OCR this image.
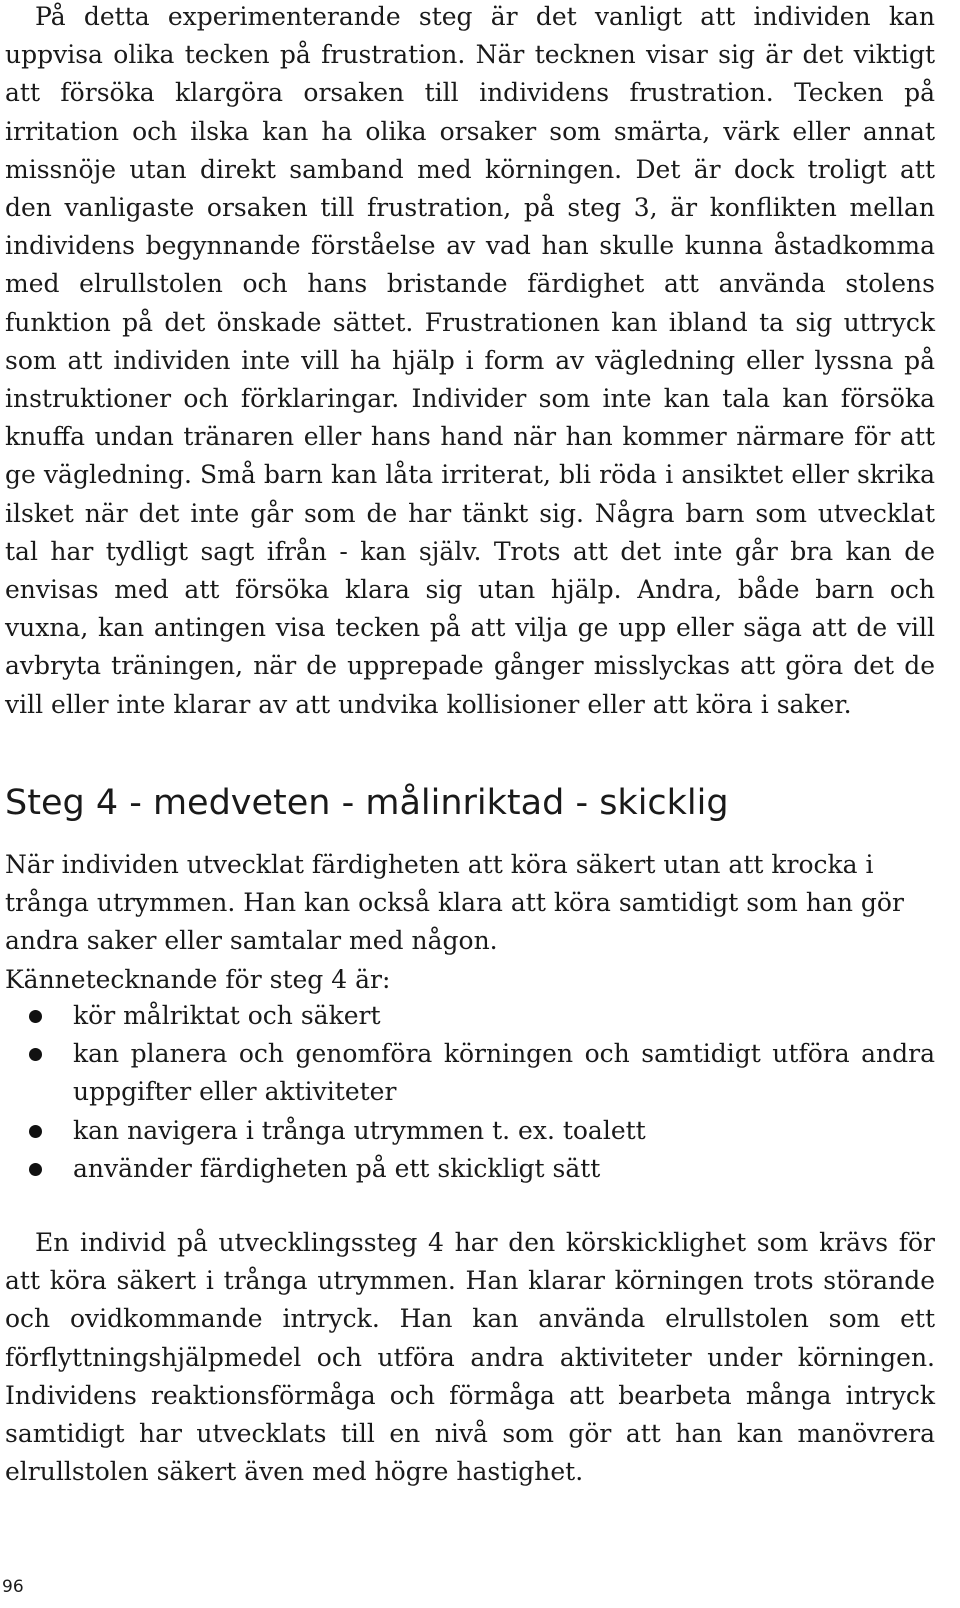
På detta experimenterande steg är det vanligt att individen kan uppvisa olika tecken på frustration. När tecknen visar sig är det viktigt att försöka klargöra orsaken till individens frustration. Tecken på irritation och ilska kan ha olika orsaker som smärta, värk eller annat missnöje utan direkt samband med körningen. Det är dock troligt att den vanligaste orsaken till frustration, på steg 3, är konflikten mellan individens begynnande förståelse av vad han skulle kunna åstadkomma med elrullstolen och hans bristande färdighet att använda stolens funktion på det önskade sättet. Frustrationen kan ibland ta sig uttryck som att individen inte vill ha hjälp i form av vägledning eller lyssna på instruktioner och förklaringar. Individer som inte kan tala kan försöka knuffa undan tränaren eller hans hand när han kommer närmare för att ge vägledning. Små barn kan låta irriterat, bli röda i ansiktet eller skrika ilsket när det inte går som de har tänkt sig. Några barn som utvecklat tal har tydligt sagt ifrån - kan själv. Trots att det inte går bra kan de envisas med att försöka klara sig utan hjälp. Andra, både barn och vuxna, kan antingen visa tecken på att vilja ge upp eller säga att de vill avbryta träningen, när de upprepade gånger misslyckas att göra det de vill eller inte klarar av att undvika kollisioner eller att köra i saker.

Steg 4 - medveten - målinriktad - skicklig
När individen utvecklat färdigheten att köra säkert utan att krocka i trånga utrymmen. Han kan också klara att köra samtidigt som han gör andra saker eller samtalar med någon.
Kännetecknande för steg 4 är:
kör målriktat och säkert
kan planera och genomföra körningen och samtidigt utföra andra uppgifter eller aktiviteter
kan navigera i trånga utrymmen t. ex. toalett
använder färdigheten på ett skickligt sätt

En individ på utvecklingssteg 4 har den körskicklighet som krävs för att köra säkert i trånga utrymmen. Han klarar körningen trots störande och ovidkommande intryck. Han kan använda elrullstolen som ett förflyttningshjälpmedel och utföra andra aktiviteter under körningen. Individens reaktionsförmåga och förmåga att bearbeta många intryck samtidigt har utvecklats till en nivå som gör att han kan manövrera elrullstolen säkert även med högre hastighet.

96
